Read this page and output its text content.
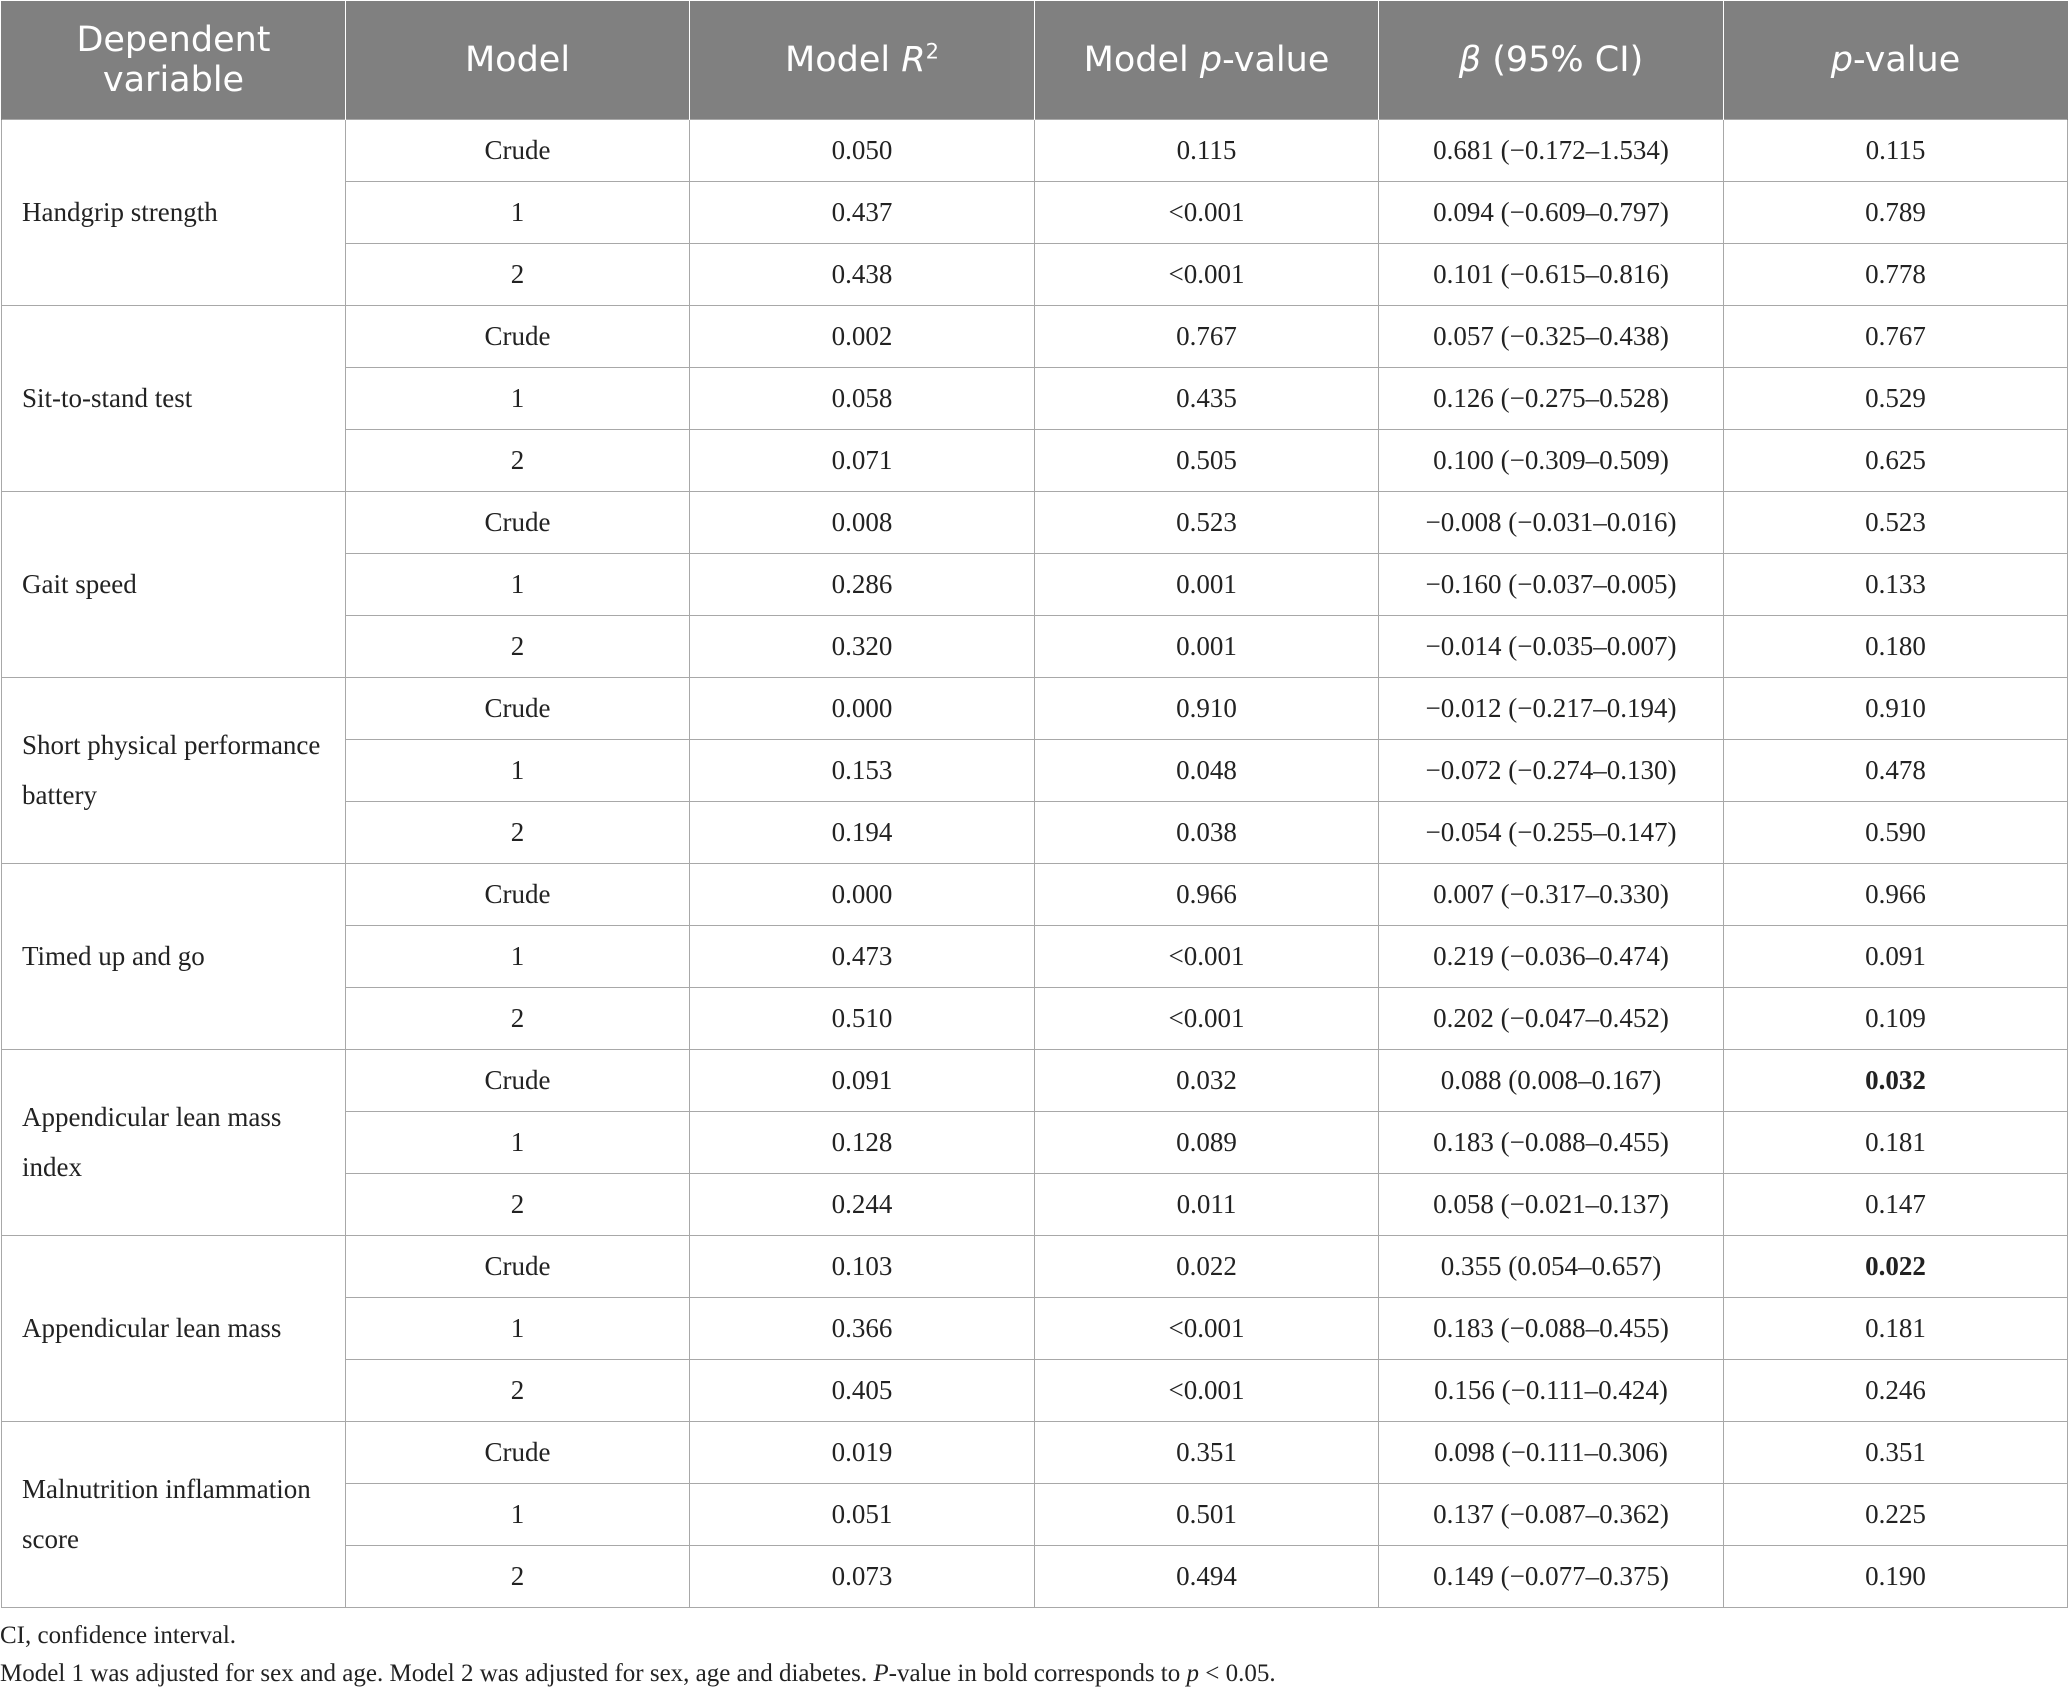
Dependent variable	Model	Model $R^2$	Model p-value	β (95% CI)	p-value
Handgrip strength	Crude	0.050	0.115	0.681 (−0.172–1.534)	0.115
	1	0.437	<0.001	0.094 (−0.609–0.797)	0.789
	2	0.438	<0.001	0.101 (−0.615–0.816)	0.778
Sit-to-stand test	Crude	0.002	0.767	0.057 (−0.325–0.438)	0.767
	1	0.058	0.435	0.126 (−0.275–0.528)	0.529
	2	0.071	0.505	0.100 (−0.309–0.509)	0.625
Gait speed	Crude	0.008	0.523	−0.008 (−0.031–0.016)	0.523
	1	0.286	0.001	−0.160 (−0.037–0.005)	0.133
	2	0.320	0.001	−0.014 (−0.035–0.007)	0.180
Short physical performance battery	Crude	0.000	0.910	−0.012 (−0.217–0.194)	0.910
	1	0.153	0.048	−0.072 (−0.274–0.130)	0.478
	2	0.194	0.038	−0.054 (−0.255–0.147)	0.590
Timed up and go	Crude	0.000	0.966	0.007 (−0.317–0.330)	0.966
	1	0.473	<0.001	0.219 (−0.036–0.474)	0.091
	2	0.510	<0.001	0.202 (−0.047–0.452)	0.109
Appendicular lean mass index	Crude	0.091	0.032	0.088 (0.008–0.167)	0.032
	1	0.128	0.089	0.183 (−0.088–0.455)	0.181
	2	0.244	0.011	0.058 (−0.021–0.137)	0.147
Appendicular lean mass	Crude	0.103	0.022	0.355 (0.054–0.657)	0.022
	1	0.366	<0.001	0.183 (−0.088–0.455)	0.181
	2	0.405	<0.001	0.156 (−0.111–0.424)	0.246
Malnutrition inflammation score	Crude	0.019	0.351	0.098 (−0.111–0.306)	0.351
	1	0.051	0.501	0.137 (−0.087–0.362)	0.225
	2	0.073	0.494	0.149 (−0.077–0.375)	0.190

CI, confidence interval.

Model 1 was adjusted for sex and age. Model 2 was adjusted for sex, age and diabetes. P-value in bold corresponds to p < 0.05.
